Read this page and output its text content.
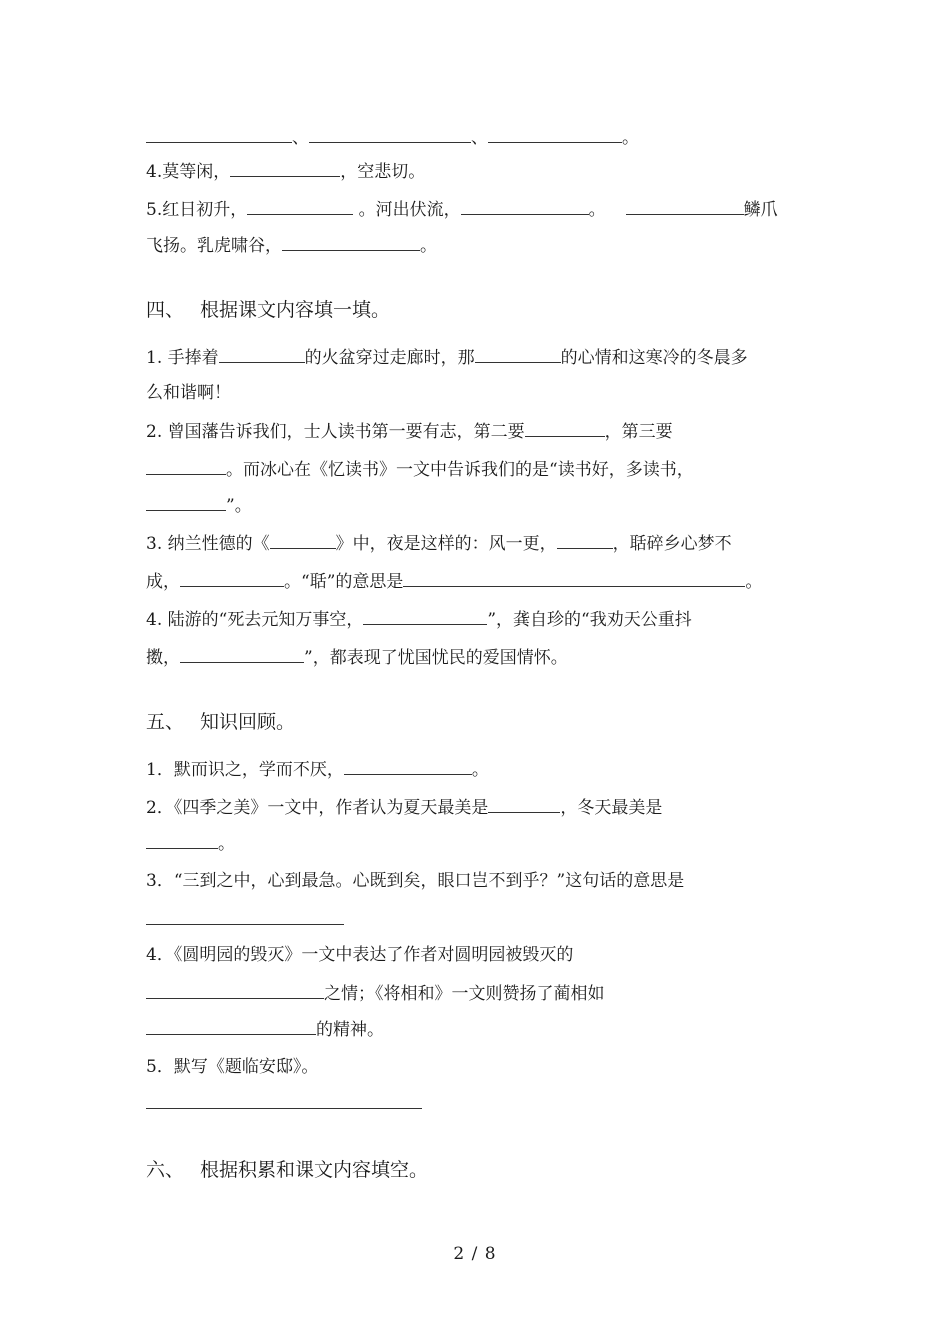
、	、	。
4.莫等闲，	，空悲切。
5.红日初升，	。河出伏流，	。	鳞爪
飞扬。乳虎啸谷，	。
四、 根据课文内容填一填。
1. 手捧着	的火盆穿过走廊时，那	的心情和这寒冷的冬晨多
么和谐啊！
2. 曾国藩告诉我们，士人读书第一要有志，第二要	，第三要
。而冰心在《忆读书》一文中告诉我们的是“读书好，多读书，
”。
3. 纳兰性德的《	》中，夜是这样的：风一更，	，聒碎乡心梦不
成，	。“聒”的意思是	。
4. 陆游的“死去元知万事空，	”，龚自珍的“我劝天公重抖
擞，	”，都表现了忧国忧民的爱国情怀。
五、 知识回顾。
1．默而识之，学而不厌，	。
2．《四季之美》一文中，作者认为夏天最美是	，冬天最美是
。
3．“三到之中，心到最急。心既到矣，眼口岂不到乎？”这句话的意思是
4．《圆明园的毁灭》一文中表达了作者对圆明园被毁灭的
之情；《将相和》一文则赞扬了蔺相如
的精神。
5．默写《题临安邸》。
六、 根据积累和课文内容填空。
2 / 8
